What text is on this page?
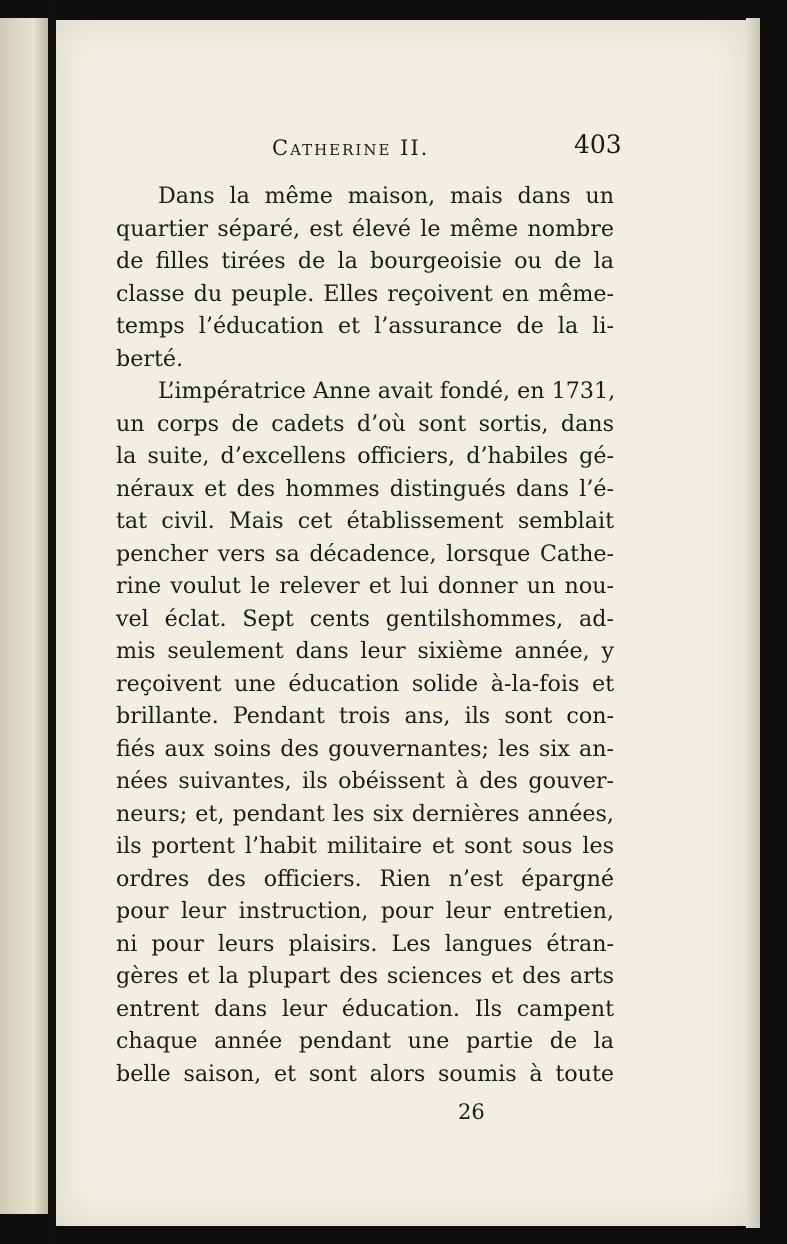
Catherine II.	403
Dans la même maison, mais dans un
quartier séparé, est élevé le même nombre
de filles tirées de la bourgeoisie ou de la
classe du peuple. Elles reçoivent en même-
temps l’éducation et l’assurance de la li-
berté.
L’impératrice Anne avait fondé, en 1731,
un corps de cadets d’où sont sortis, dans
la suite, d’excellens officiers, d’habiles gé-
néraux et des hommes distingués dans l’é-
tat civil. Mais cet établissement semblait
pencher vers sa décadence, lorsque Cathe-
rine voulut le relever et lui donner un nou-
vel éclat. Sept cents gentilshommes, ad-
mis seulement dans leur sixième année, y
reçoivent une éducation solide à-la-fois et
brillante. Pendant trois ans, ils sont con-
fiés aux soins des gouvernantes; les six an-
nées suivantes, ils obéissent à des gouver-
neurs; et, pendant les six dernières années,
ils portent l’habit militaire et sont sous les
ordres des officiers. Rien n’est épargné
pour leur instruction, pour leur entretien,
ni pour leurs plaisirs. Les langues étran-
gères et la plupart des sciences et des arts
entrent dans leur éducation. Ils campent
chaque année pendant une partie de la
belle saison, et sont alors soumis à toute
26
